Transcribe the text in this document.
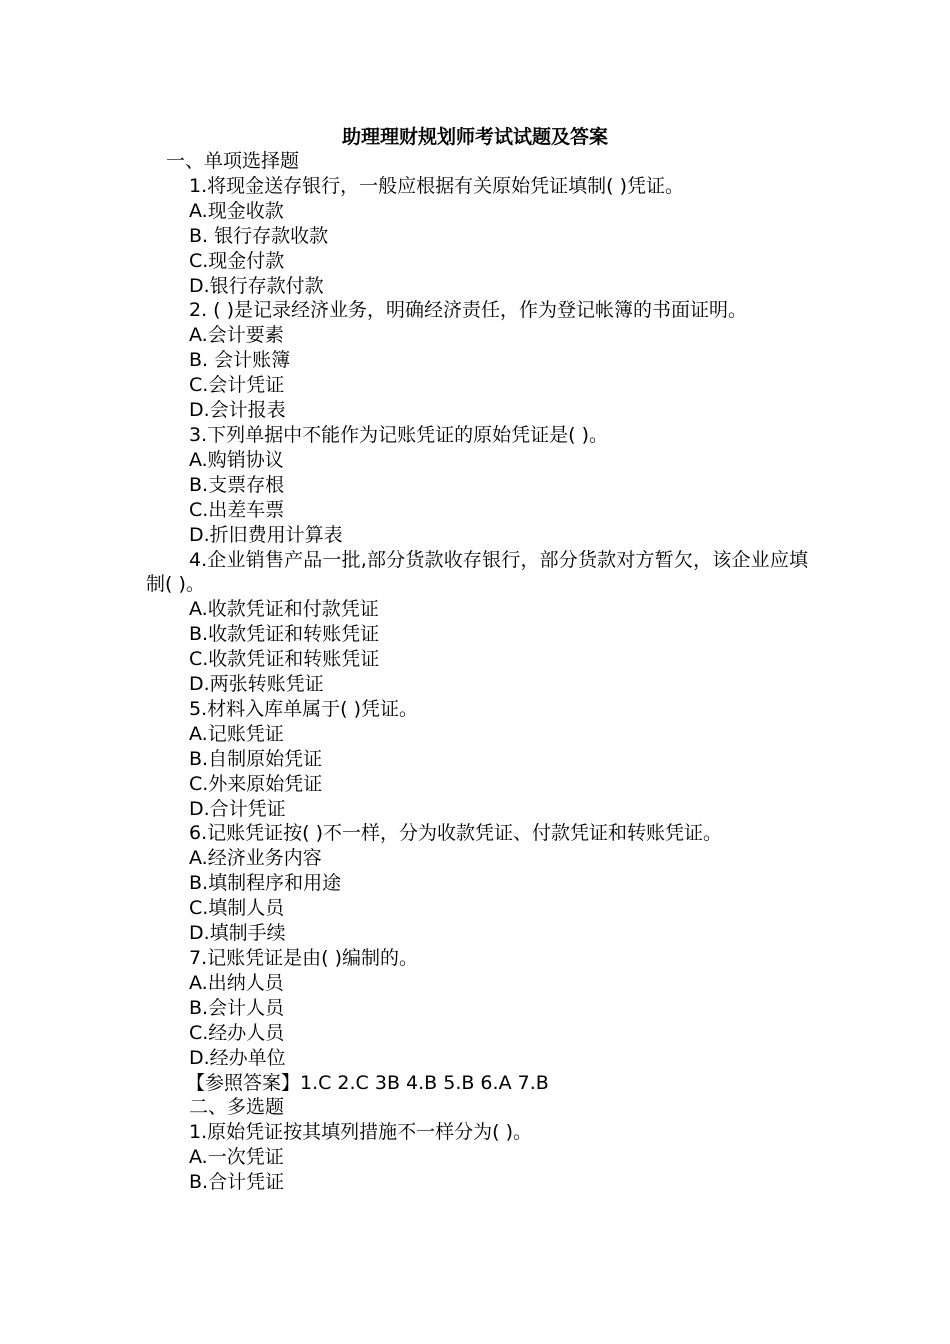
助理理财规划师考试试题及答案
一、单项选择题
1.将现金送存银行，一般应根据有关原始凭证填制( )凭证。
A.现金收款
B. 银行存款收款
C.现金付款
D.银行存款付款
2. ( )是记录经济业务，明确经济责任，作为登记帐簿的书面证明。
A.会计要素
B. 会计账簿
C.会计凭证
D.会计报表
3.下列单据中不能作为记账凭证的原始凭证是( )。
A.购销协议
B.支票存根
C.出差车票
D.折旧费用计算表
4.企业销售产品一批,部分货款收存银行，部分货款对方暂欠，该企业应填制( )。
A.收款凭证和付款凭证
B.收款凭证和转账凭证
C.收款凭证和转账凭证
D.两张转账凭证
5.材料入库单属于( )凭证。
A.记账凭证
B.自制原始凭证
C.外来原始凭证
D.合计凭证
6.记账凭证按( )不一样，分为收款凭证、付款凭证和转账凭证。
A.经济业务内容
B.填制程序和用途
C.填制人员
D.填制手续
7.记账凭证是由( )编制的。
A.出纳人员
B.会计人员
C.经办人员
D.经办单位
【参照答案】1.C 2.C 3B 4.B 5.B 6.A 7.B
二、多选题
1.原始凭证按其填列措施不一样分为( )。
A.一次凭证
B.合计凭证
